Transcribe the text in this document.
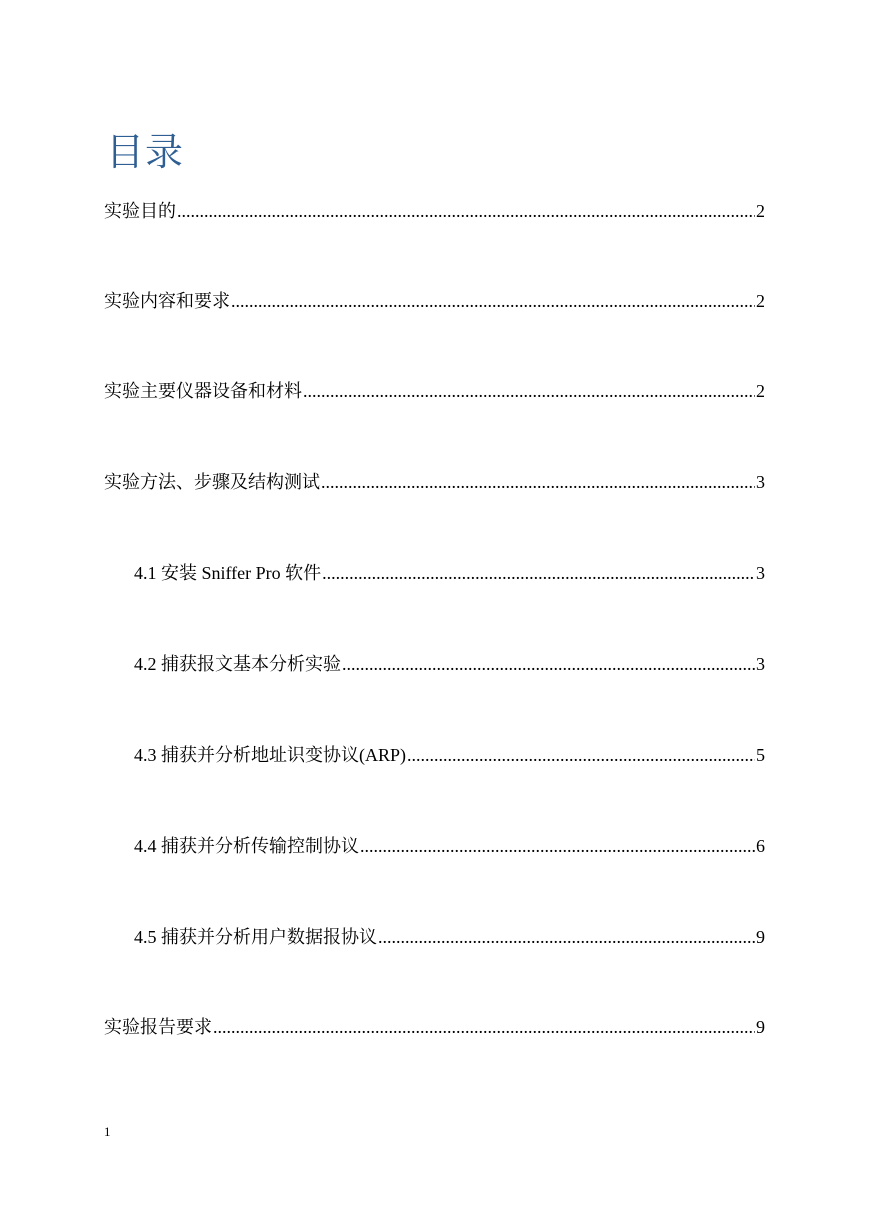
目录
实验目的 .....	2
实验内容和要求 .....	2
实验主要仪器设备和材料 .....	2
实验方法、步骤及结构测试 .....	3
4.1 安装 Sniffer Pro 软件 .....	3
4.2 捕获报文基本分析实验 .....	3
4.3 捕获并分析地址识变协议(ARP) .....	5
4.4 捕获并分析传输控制协议 .....	6
4.5 捕获并分析用户数据报协议 .....	9
实验报告要求 .....	9
1
